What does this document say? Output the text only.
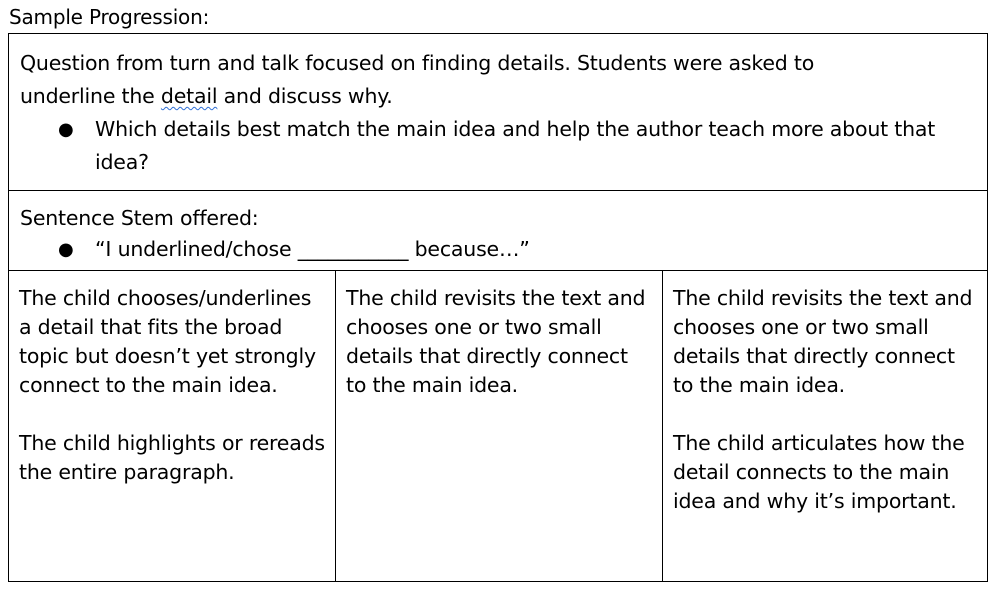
Sample Progression:
Question from turn and talk focused on finding details. Students were asked to
underline the detail and discuss why.
●	Which details best match the main idea and help the author teach more about that idea?
Sentence Stem offered:
●	“I underlined/chose ___________ because…”

The child chooses/underlines a detail that fits the broad topic but doesn’t yet strongly connect to the main idea.

The child highlights or rereads the entire paragraph.

The child revisits the text and chooses one or two small details that directly connect to the main idea.

The child revisits the text and chooses one or two small details that directly connect to the main idea.

The child articulates how the detail connects to the main idea and why it’s important.
